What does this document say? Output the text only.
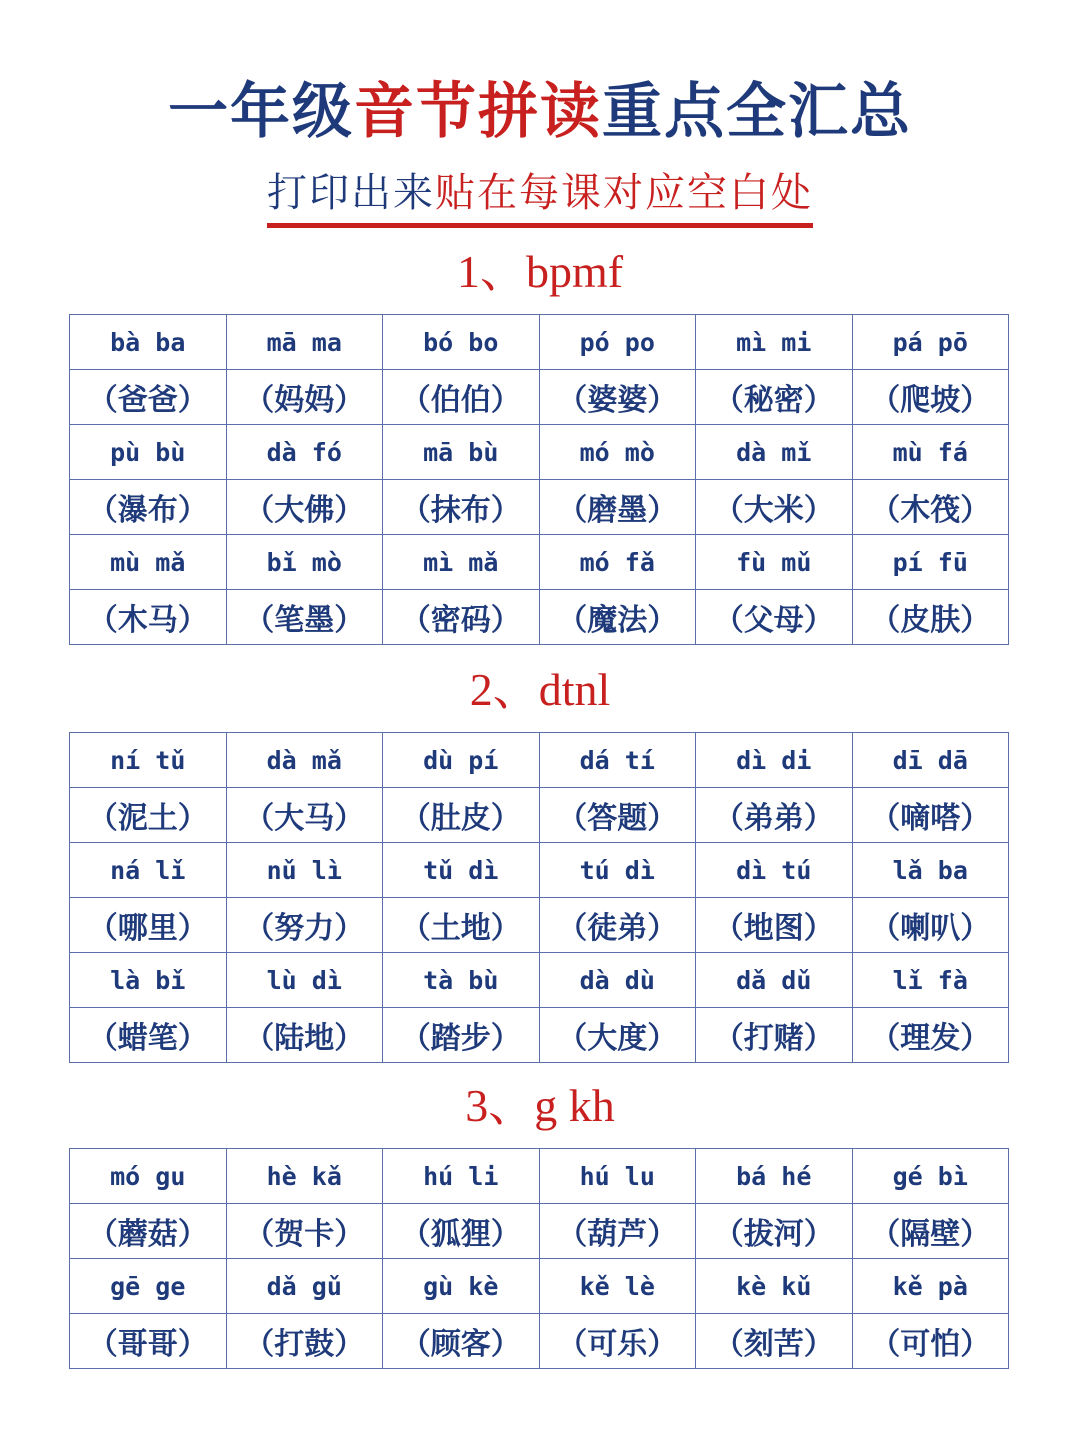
一年级音节拼读重点全汇总
打印出来贴在每课对应空白处
1、bpmf
bà ba	mā ma	bó bo	pó po	mì mi	pá pō
（爸爸）	（妈妈）	（伯伯）	（婆婆）	（秘密）	（爬坡）
pù bù	dà fó	mā bù	mó mò	dà mǐ	mù fá
（瀑布）	（大佛）	（抹布）	（磨墨）	（大米）	（木筏）
mù mǎ	bǐ mò	mì mǎ	mó fǎ	fù mǔ	pí fū
（木马）	（笔墨）	（密码）	（魔法）	（父母）	（皮肤）
2、dtnl
ní tǔ	dà mǎ	dù pí	dá tí	dì di	dī dā
（泥土）	（大马）	（肚皮）	（答题）	（弟弟）	（嘀嗒）
ná lǐ	nǔ lì	tǔ dì	tú dì	dì tú	lǎ ba
（哪里）	（努力）	（土地）	（徒弟）	（地图）	（喇叭）
là bǐ	lù dì	tà bù	dà dù	dǎ dǔ	lǐ fà
（蜡笔）	（陆地）	（踏步）	（大度）	（打赌）	（理发）
3、g kh
mó gu	hè kǎ	hú li	hú lu	bá hé	gé bì
（蘑菇）	（贺卡）	（狐狸）	（葫芦）	（拔河）	（隔壁）
gē ge	dǎ gǔ	gù kè	kě lè	kè kǔ	kě pà
（哥哥）	（打鼓）	（顾客）	（可乐）	（刻苦）	（可怕）
